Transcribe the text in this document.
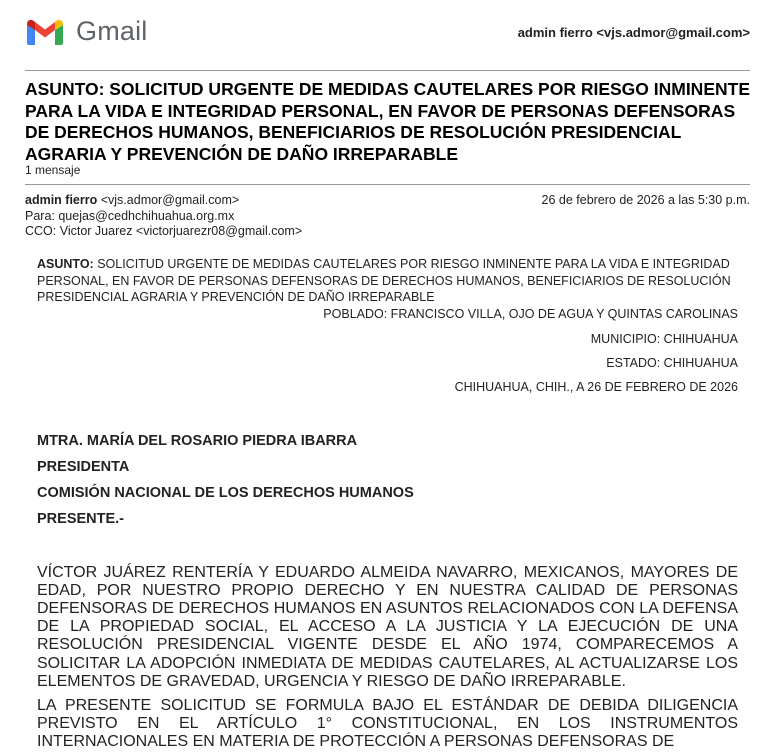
Gmail	admin fierro <vjs.admor@gmail.com>
ASUNTO: SOLICITUD URGENTE DE MEDIDAS CAUTELARES POR RIESGO INMINENTE PARA LA VIDA E INTEGRIDAD PERSONAL, EN FAVOR DE PERSONAS DEFENSORAS DE DERECHOS HUMANOS, BENEFICIARIOS DE RESOLUCIÓN PRESIDENCIAL AGRARIA Y PREVENCIÓN DE DAÑO IRREPARABLE
1 mensaje
admin fierro <vjs.admor@gmail.com>
Para: quejas@cedhchihuahua.org.mx
CCO: Victor Juarez <victorjuarezr08@gmail.com>
26 de febrero de 2026 a las 5:30 p.m.
ASUNTO: SOLICITUD URGENTE DE MEDIDAS CAUTELARES POR RIESGO INMINENTE PARA LA VIDA E INTEGRIDAD PERSONAL, EN FAVOR DE PERSONAS DEFENSORAS DE DERECHOS HUMANOS, BENEFICIARIOS DE RESOLUCIÓN PRESIDENCIAL AGRARIA Y PREVENCIÓN DE DAÑO IRREPARABLE
POBLADO: FRANCISCO VILLA, OJO DE AGUA Y QUINTAS CAROLINAS
MUNICIPIO: CHIHUAHUA
ESTADO: CHIHUAHUA
CHIHUAHUA, CHIH., A 26 DE FEBRERO DE 2026
MTRA. MARÍA DEL ROSARIO PIEDRA IBARRA
PRESIDENTA
COMISIÓN NACIONAL DE LOS DERECHOS HUMANOS
PRESENTE.-
VÍCTOR JUÁREZ RENTERÍA Y EDUARDO ALMEIDA NAVARRO, MEXICANOS, MAYORES DE EDAD, POR NUESTRO PROPIO DERECHO Y EN NUESTRA CALIDAD DE PERSONAS DEFENSORAS DE DERECHOS HUMANOS EN ASUNTOS RELACIONADOS CON LA DEFENSA DE LA PROPIEDAD SOCIAL, EL ACCESO A LA JUSTICIA Y LA EJECUCIÓN DE UNA RESOLUCIÓN PRESIDENCIAL VIGENTE DESDE EL AÑO 1974, COMPARECEMOS A SOLICITAR LA ADOPCIÓN INMEDIATA DE MEDIDAS CAUTELARES, AL ACTUALIZARSE LOS ELEMENTOS DE GRAVEDAD, URGENCIA Y RIESGO DE DAÑO IRREPARABLE.
LA PRESENTE SOLICITUD SE FORMULA BAJO EL ESTÁNDAR DE DEBIDA DILIGENCIA PREVISTO EN EL ARTÍCULO 1° CONSTITUCIONAL, EN LOS INSTRUMENTOS INTERNACIONALES EN MATERIA DE PROTECCIÓN A PERSONAS DEFENSORAS DE
